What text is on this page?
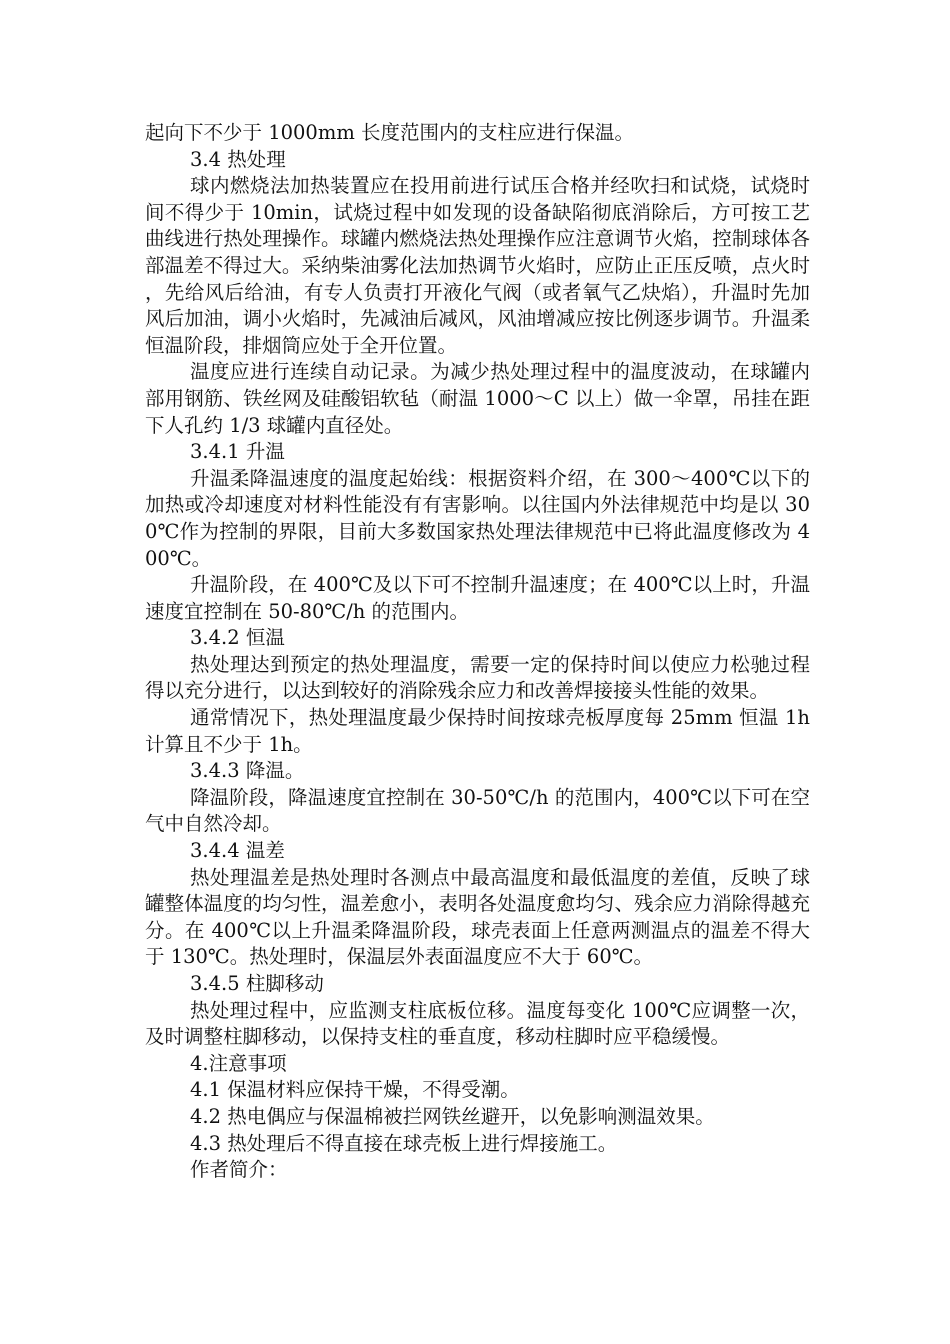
起向下不少于 1000mm 长度范围内的支柱应进行保温。

3.4 热处理

球内燃烧法加热装置应在投用前进行试压合格并经吹扫和试烧，试烧时间不得少于 10min，试烧过程中如发现的设备缺陷彻底消除后，方可按工艺曲线进行热处理操作。球罐内燃烧法热处理操作应注意调节火焰，控制球体各部温差不得过大。采纳柴油雾化法加热调节火焰时，应防止正压反喷，点火时，先给风后给油，有专人负责打开液化气阀（或者氧气乙炔焰），升温时先加风后加油，调小火焰时，先减油后减风，风油增减应按比例逐步调节。升温柔恒温阶段，排烟筒应处于全开位置。

温度应进行连续自动记录。为减少热处理过程中的温度波动，在球罐内部用钢筋、铁丝网及硅酸铝软毡（耐温 1000～C 以上）做一伞罩，吊挂在距下人孔约 1/3 球罐内直径处。

3.4.1 升温

升温柔降温速度的温度起始线：根据资料介绍，在 300～400℃以下的加热或冷却速度对材料性能没有有害影响。以往国内外法律规范中均是以 300℃作为控制的界限，目前大多数国家热处理法律规范中已将此温度修改为 400℃。

升温阶段，在 400℃及以下可不控制升温速度；在 400℃以上时，升温速度宜控制在 50-80℃/h 的范围内。

3.4.2 恒温

热处理达到预定的热处理温度，需要一定的保持时间以使应力松驰过程得以充分进行，以达到较好的消除残余应力和改善焊接接头性能的效果。

通常情况下，热处理温度最少保持时间按球壳板厚度每 25mm 恒温 1h 计算且不少于 1h。

3.4.3 降温。

降温阶段，降温速度宜控制在 30-50℃/h 的范围内，400℃以下可在空气中自然冷却。

3.4.4 温差

热处理温差是热处理时各测点中最高温度和最低温度的差值，反映了球罐整体温度的均匀性，温差愈小，表明各处温度愈均匀、残余应力消除得越充分。在 400℃以上升温柔降温阶段，球壳表面上任意两测温点的温差不得大于 130℃。热处理时，保温层外表面温度应不大于 60℃。

3.4.5 柱脚移动

热处理过程中，应监测支柱底板位移。温度每变化 100℃应调整一次，及时调整柱脚移动，以保持支柱的垂直度，移动柱脚时应平稳缓慢。

4.注意事项

4.1 保温材料应保持干燥，不得受潮。

4.2 热电偶应与保温棉被拦网铁丝避开，以免影响测温效果。

4.3 热处理后不得直接在球壳板上进行焊接施工。

作者简介：
